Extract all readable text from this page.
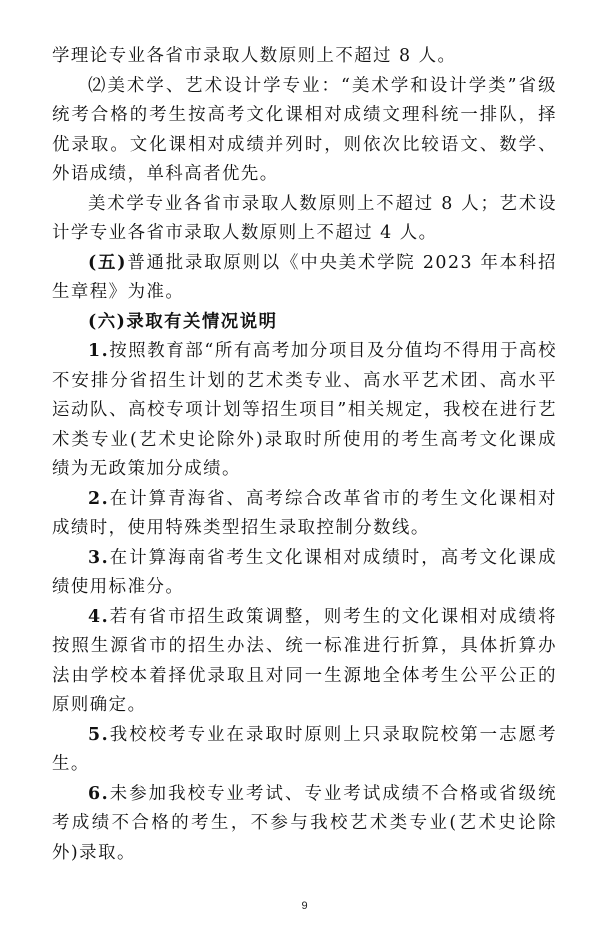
学理论专业各省市录取人数原则上不超过 8 人。

⑵美术学、艺术设计学专业：“美术学和设计学类”省级统考合格的考生按高考文化课相对成绩文理科统一排队，择优录取。文化课相对成绩并列时，则依次比较语文、数学、外语成绩，单科高者优先。

美术学专业各省市录取人数原则上不超过 8 人；艺术设计学专业各省市录取人数原则上不超过 4 人。

(五)普通批录取原则以《中央美术学院 2023 年本科招生章程》为准。

(六)录取有关情况说明

1.按照教育部“所有高考加分项目及分值均不得用于高校不安排分省招生计划的艺术类专业、高水平艺术团、高水平运动队、高校专项计划等招生项目”相关规定，我校在进行艺术类专业(艺术史论除外)录取时所使用的考生高考文化课成绩为无政策加分成绩。

2.在计算青海省、高考综合改革省市的考生文化课相对成绩时，使用特殊类型招生录取控制分数线。

3.在计算海南省考生文化课相对成绩时，高考文化课成绩使用标准分。

4.若有省市招生政策调整，则考生的文化课相对成绩将按照生源省市的招生办法、统一标准进行折算，具体折算办法由学校本着择优录取且对同一生源地全体考生公平公正的原则确定。

5.我校校考专业在录取时原则上只录取院校第一志愿考生。

6.未参加我校专业考试、专业考试成绩不合格或省级统考成绩不合格的考生，不参与我校艺术类专业(艺术史论除外)录取。

9
